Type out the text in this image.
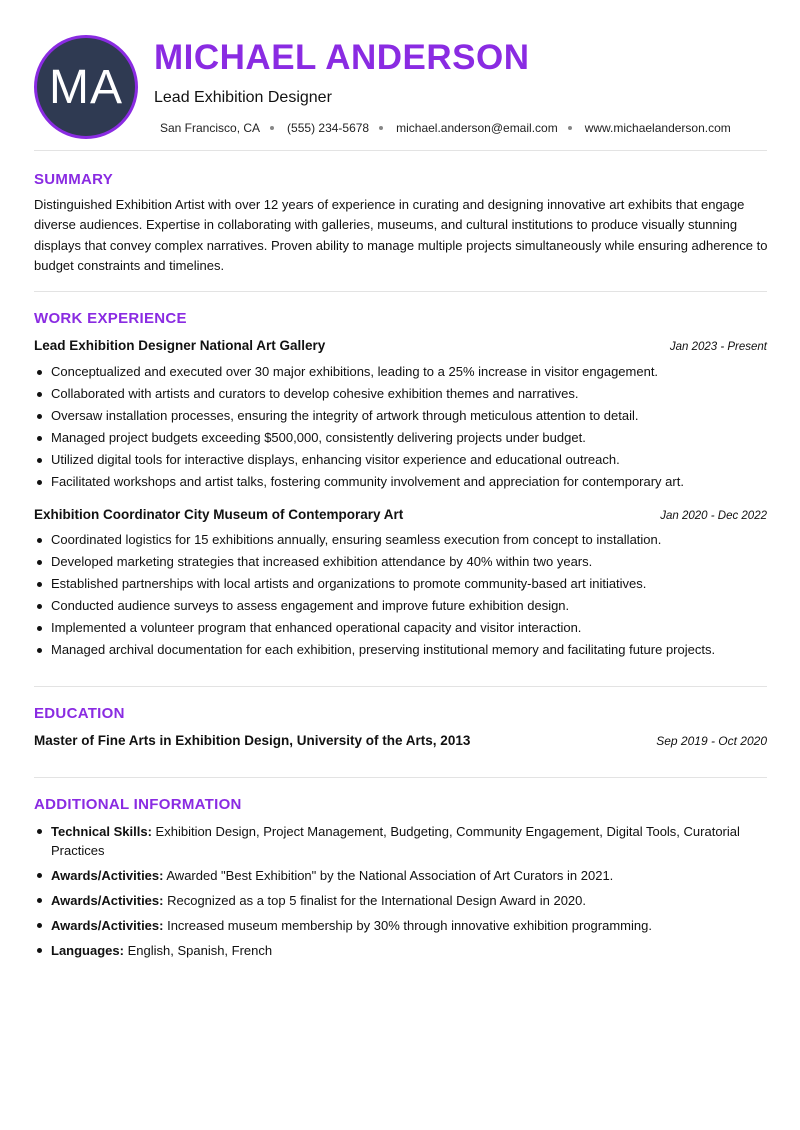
MA
MICHAEL ANDERSON
Lead Exhibition Designer
San Francisco, CA (555) 234-5678 michael.anderson@email.com www.michaelanderson.com
SUMMARY
Distinguished Exhibition Artist with over 12 years of experience in curating and designing innovative art exhibits that engage diverse audiences. Expertise in collaborating with galleries, museums, and cultural institutions to produce visually stunning displays that convey complex narratives. Proven ability to manage multiple projects simultaneously while ensuring adherence to budget constraints and timelines.
WORK EXPERIENCE
Lead Exhibition Designer National Art Gallery	Jan 2023 - Present
Conceptualized and executed over 30 major exhibitions, leading to a 25% increase in visitor engagement.
Collaborated with artists and curators to develop cohesive exhibition themes and narratives.
Oversaw installation processes, ensuring the integrity of artwork through meticulous attention to detail.
Managed project budgets exceeding $500,000, consistently delivering projects under budget.
Utilized digital tools for interactive displays, enhancing visitor experience and educational outreach.
Facilitated workshops and artist talks, fostering community involvement and appreciation for contemporary art.
Exhibition Coordinator City Museum of Contemporary Art	Jan 2020 - Dec 2022
Coordinated logistics for 15 exhibitions annually, ensuring seamless execution from concept to installation.
Developed marketing strategies that increased exhibition attendance by 40% within two years.
Established partnerships with local artists and organizations to promote community-based art initiatives.
Conducted audience surveys to assess engagement and improve future exhibition design.
Implemented a volunteer program that enhanced operational capacity and visitor interaction.
Managed archival documentation for each exhibition, preserving institutional memory and facilitating future projects.
EDUCATION
Master of Fine Arts in Exhibition Design, University of the Arts, 2013	Sep 2019 - Oct 2020
ADDITIONAL INFORMATION
Technical Skills: Exhibition Design, Project Management, Budgeting, Community Engagement, Digital Tools, Curatorial Practices
Awards/Activities: Awarded "Best Exhibition" by the National Association of Art Curators in 2021.
Awards/Activities: Recognized as a top 5 finalist for the International Design Award in 2020.
Awards/Activities: Increased museum membership by 30% through innovative exhibition programming.
Languages: English, Spanish, French
